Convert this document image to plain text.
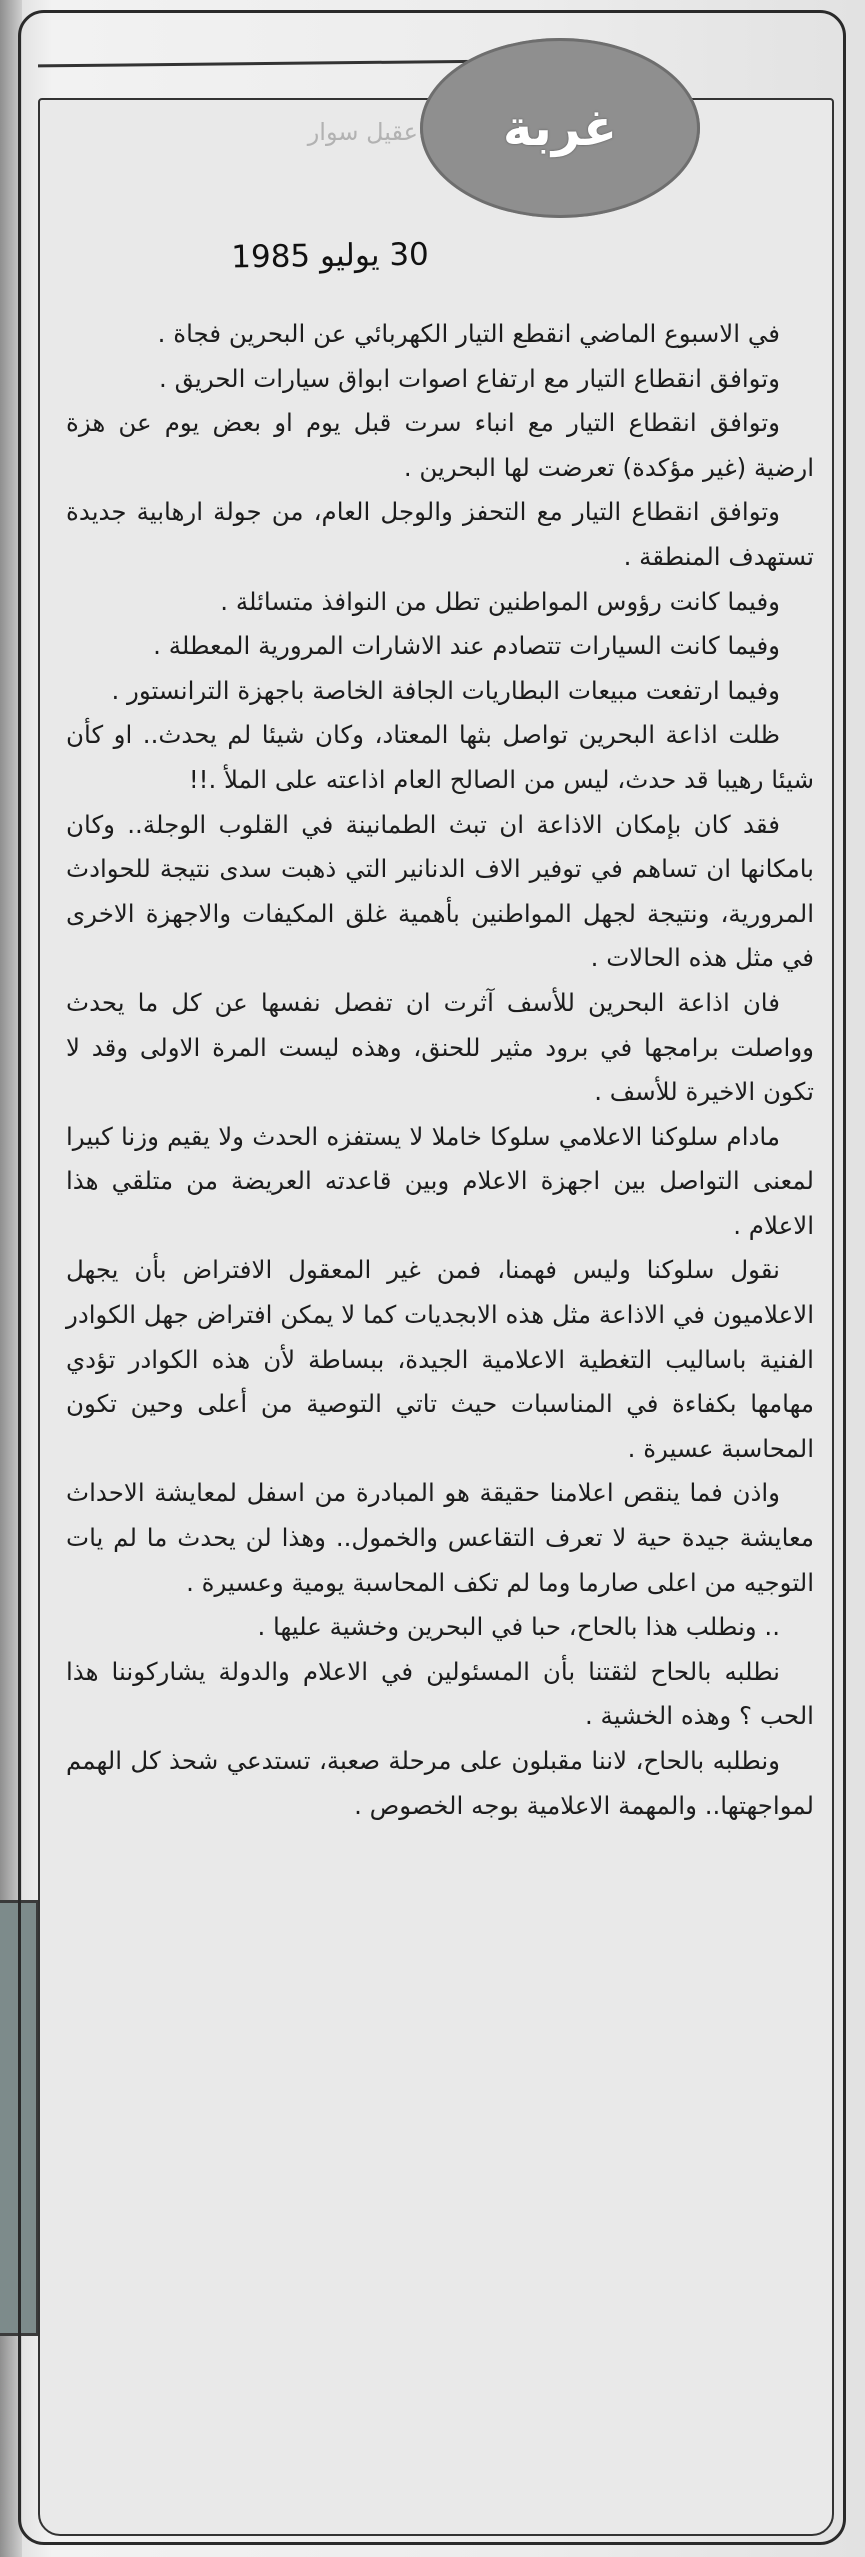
غربة
عقيل سوار
30 يوليو 1985

في الاسبوع الماضي انقطع التيار الكهربائي عن البحرين فجاة .

وتوافق انقطاع التيار مع ارتفاع اصوات ابواق سيارات الحريق .

وتوافق انقطاع التيار مع انباء سرت قبل يوم او بعض يوم عن هزة ارضية (غير مؤكدة) تعرضت لها البحرين .

وتوافق انقطاع التيار مع التحفز والوجل العام، من جولة ارهابية جديدة تستهدف المنطقة .

وفيما كانت رؤوس المواطنين تطل من النوافذ متسائلة .

وفيما كانت السيارات تتصادم عند الاشارات المرورية المعطلة .

وفيما ارتفعت مبيعات البطاريات الجافة الخاصة باجهزة الترانستور .

ظلت اذاعة البحرين تواصل بثها المعتاد، وكان شيئا لم يحدث.. او كأن شيئا رهيبا قد حدث، ليس من الصالح العام اذاعته على الملأ .!!

فقد كان بإمكان الاذاعة ان تبث الطمانينة في القلوب الوجلة.. وكان بامكانها ان تساهم في توفير الاف الدنانير التي ذهبت سدى نتيجة للحوادث المرورية، ونتيجة لجهل المواطنين بأهمية غلق المكيفات والاجهزة الاخرى في مثل هذه الحالات .

فان اذاعة البحرين للأسف آثرت ان تفصل نفسها عن كل ما يحدث وواصلت برامجها في برود مثير للحنق، وهذه ليست المرة الاولى وقد لا تكون الاخيرة للأسف .

مادام سلوكنا الاعلامي سلوكا خاملا لا يستفزه الحدث ولا يقيم وزنا كبيرا لمعنى التواصل بين اجهزة الاعلام وبين قاعدته العريضة من متلقي هذا الاعلام .

نقول سلوكنا وليس فهمنا، فمن غير المعقول الافتراض بأن يجهل الاعلاميون في الاذاعة مثل هذه الابجديات كما لا يمكن افتراض جهل الكوادر الفنية باساليب التغطية الاعلامية الجيدة، ببساطة لأن هذه الكوادر تؤدي مهامها بكفاءة في المناسبات حيث تاتي التوصية من أعلى وحين تكون المحاسبة عسيرة .

واذن فما ينقص اعلامنا حقيقة هو المبادرة من اسفل لمعايشة الاحداث معايشة جيدة حية لا تعرف التقاعس والخمول.. وهذا لن يحدث ما لم يات التوجيه من اعلى صارما وما لم تكف المحاسبة يومية وعسيرة .

.. ونطلب هذا بالحاح، حبا في البحرين وخشية عليها .

نطلبه بالحاح لثقتنا بأن المسئولين في الاعلام والدولة يشاركوننا هذا الحب ؟ وهذه الخشية .

ونطلبه بالحاح، لاننا مقبلون على مرحلة صعبة، تستدعي شحذ كل الهمم لمواجهتها.. والمهمة الاعلامية بوجه الخصوص .
